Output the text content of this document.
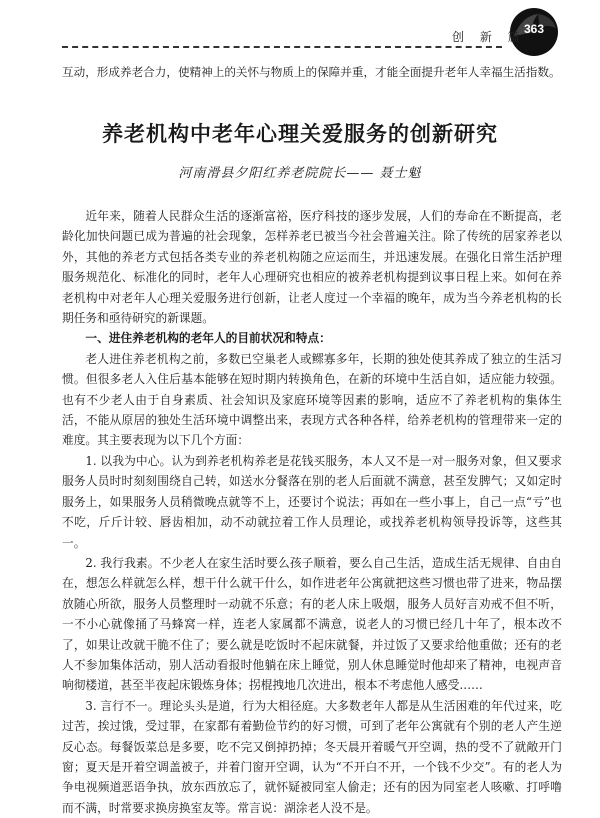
363
创 新 篇
互动，形成养老合力，使精神上的关怀与物质上的保障并重，才能全面提升老年人幸福生活指数。
养老机构中老年心理关爱服务的创新研究
河南滑县夕阳红养老院院长—— 聂士魁

近年来，随着人民群众生活的逐渐富裕，医疗科技的逐步发展，人们的寿命在不断提高，老龄化加快问题已成为普遍的社会现象，怎样养老已被当今社会普遍关注。除了传统的居家养老以外，其他的养老方式包括各类专业的养老机构随之应运而生，并迅速发展。在强化日常生活护理服务规范化、标准化的同时，老年人心理研究也相应的被养老机构提到议事日程上来。如何在养老机构中对老年人心理关爱服务进行创新，让老人度过一个幸福的晚年，成为当今养老机构的长期任务和亟待研究的新课题。

一、进住养老机构的老年人的目前状况和特点：

老人进住养老机构之前，多数已空巢老人或鳏寡多年，长期的独处使其养成了独立的生活习惯。但很多老人入住后基本能够在短时期内转换角色，在新的环境中生活自如，适应能力较强。也有不少老人由于自身素质、社会知识及家庭环境等因素的影响，适应不了养老机构的集体生活，不能从原居的独处生活环境中调整出来，表现方式各种各样，给养老机构的管理带来一定的难度。其主要表现为以下几个方面：

1. 以我为中心。认为到养老机构养老是花钱买服务，本人又不是一对一服务对象，但又要求服务人员时时刻刻围绕自己转，如送水分餐落在别的老人后面就不满意，甚至发脾气；又如定时服务上，如果服务人员稍微晚点就等不上，还要讨个说法；再如在一些小事上，自己一点“亏”也不吃，斤斤计较、唇齿相加，动不动就拉着工作人员理论，或找养老机构领导投诉等，这些其一。

2. 我行我素。不少老人在家生活时要么孩子顺着，要么自己生活，造成生活无规律、自由自在，想怎么样就怎么样，想干什么就干什么，如作进老年公寓就把这些习惯也带了进来，物品摆放随心所欲，服务人员整理时一动就不乐意；有的老人床上吸烟，服务人员好言劝戒不但不听，一不小心就像捅了马蜂窝一样，连老人家属都不满意，说老人的习惯已经几十年了，根本改不了，如果让改就干脆不住了；要么就是吃饭时不起床就餐，并过饭了又要求给他重做；还有的老人不参加集体活动，别人活动看报时他躺在床上睡觉，别人休息睡觉时他却来了精神，电视声音响彻楼道，甚至半夜起床锻炼身体；拐棍拽地几次进出，根本不考虑他人感受……

3. 言行不一。理论头头是道，行为大相径庭。大多数老年人都是从生活困难的年代过来，吃过苦，挨过饿，受过罪，在家都有着勤俭节约的好习惯，可到了老年公寓就有个别的老人产生逆反心态。每餐饭菜总是多要，吃不完又倒掉扔掉；冬天晨开着暖气开空调，热的受不了就敞开门窗；夏天是开着空调盖被子，并着门窗开空调，认为“不开白不开，一个钱不少交”。有的老人为争电视频道恶语争执，放东西放忘了，就怀疑被同室人偷走；还有的因为同室老人咳嗽、打呼噜而不满，时常要求换房换室友等。常言说：湖涂老人没不是。
